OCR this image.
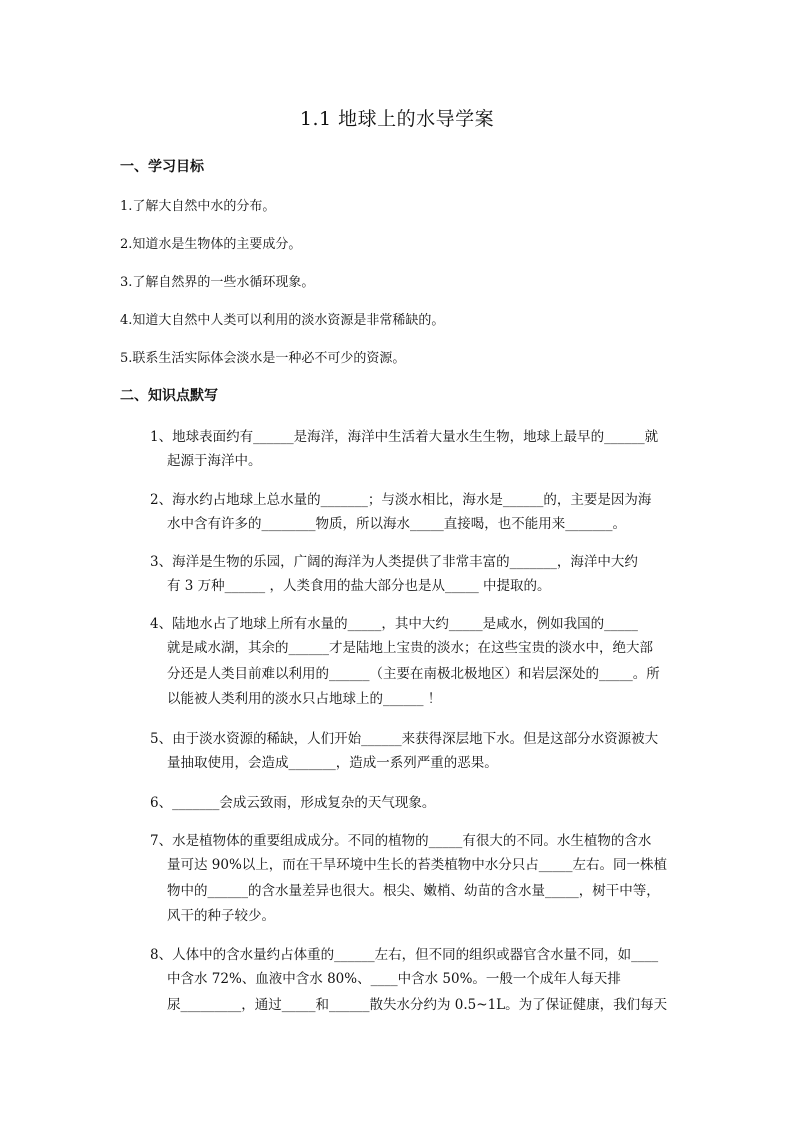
1.1 地球上的水导学案
一、学习目标
1.了解大自然中水的分布。
2.知道水是生物体的主要成分。
3.了解自然界的一些水循环现象。
4.知道大自然中人类可以利用的淡水资源是非常稀缺的。
5.联系生活实际体会淡水是一种必不可少的资源。
二、知识点默写
1、地球表面约有______是海洋，海洋中生活着大量水生生物，地球上最早的______就
起源于海洋中。
2、海水约占地球上总水量的_______；与淡水相比，海水是______的，主要是因为海
水中含有许多的________物质，所以海水_____直接喝，也不能用来_______。
3、海洋是生物的乐园，广阔的海洋为人类提供了非常丰富的_______，海洋中大约
有 3 万种______ ，人类食用的盐大部分也是从_____ 中提取的。
4、陆地水占了地球上所有水量的_____，其中大约_____是咸水，例如我国的_____
就是咸水湖，其余的______才是陆地上宝贵的淡水；在这些宝贵的淡水中，绝大部
分还是人类目前难以利用的______（主要在南极北极地区）和岩层深处的_____。所
以能被人类利用的淡水只占地球上的______ ！
5、由于淡水资源的稀缺，人们开始______来获得深层地下水。但是这部分水资源被大
量抽取使用，会造成_______，造成一系列严重的恶果。
6、_______会成云致雨，形成复杂的天气现象。
7、水是植物体的重要组成成分。不同的植物的_____有很大的不同。水生植物的含水
量可达 90%以上，而在干旱环境中生长的苔类植物中水分只占_____左右。同一株植
物中的______的含水量差异也很大。根尖、嫩梢、幼苗的含水量_____，树干中等，
风干的种子较少。
8、人体中的含水量约占体重的______左右，但不同的组织或器官含水量不同，如____
中含水 72%、血液中含水 80%、____中含水 50%。一般一个成年人每天排
尿_________，通过_____和______散失水分约为 0.5~1L。为了保证健康，我们每天
